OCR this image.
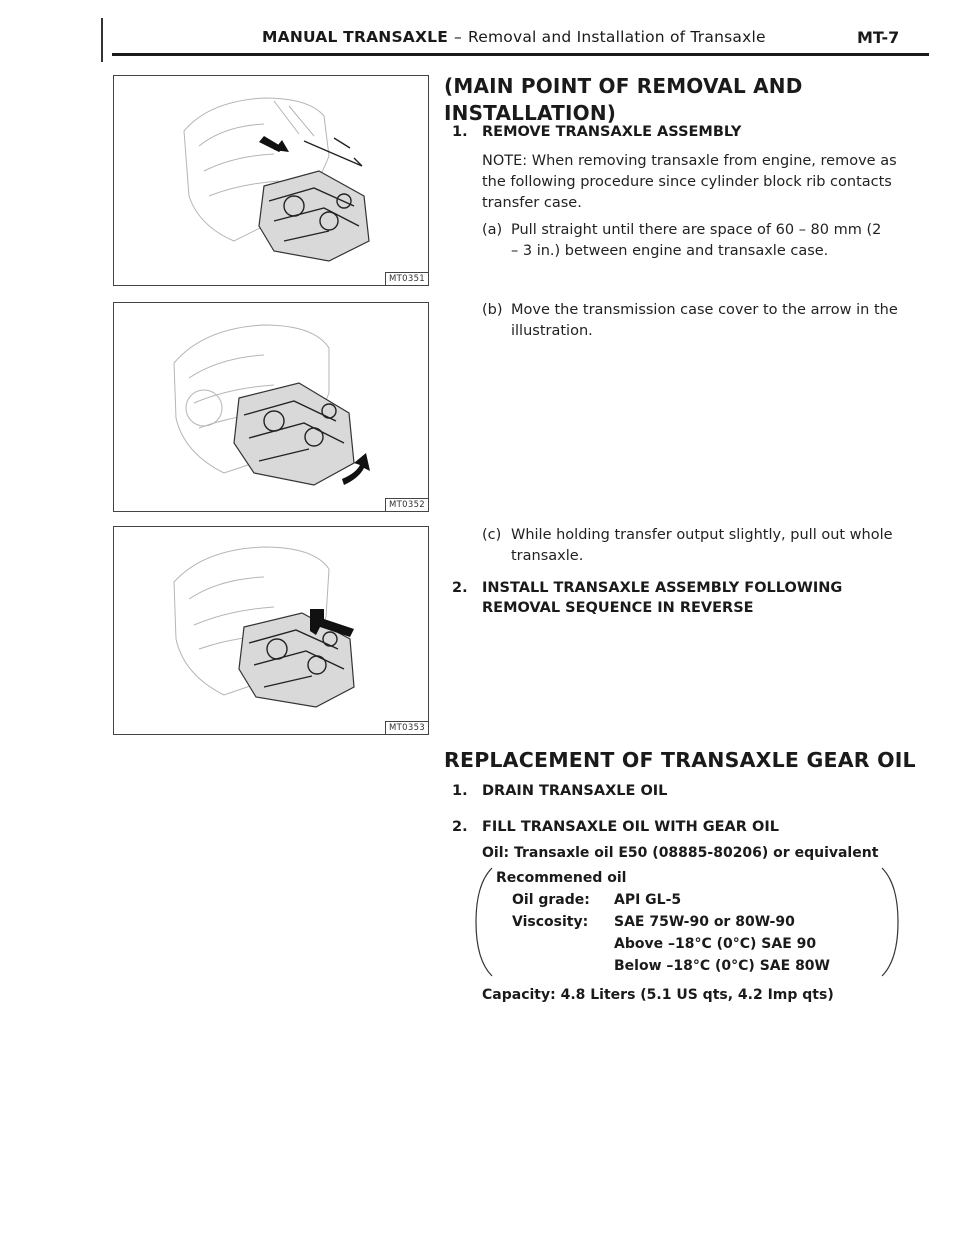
MANUAL TRANSAXLE – Removal and Installation of Transaxle	MT-7
MT0351
MT0352
MT0353
(MAIN POINT OF REMOVAL AND
INSTALLATION)
1. REMOVE TRANSAXLE ASSEMBLY
NOTE: When removing transaxle from engine, remove as
the following procedure since cylinder block rib contacts
transfer case.
(a) Pull straight until there are space of 60 – 80 mm (2
– 3 in.) between engine and transaxle case.
(b) Move the transmission case cover to the arrow in the
illustration.
(c) While holding transfer output slightly, pull out whole
transaxle.
2. INSTALL TRANSAXLE ASSEMBLY FOLLOWING
REMOVAL SEQUENCE IN REVERSE
REPLACEMENT OF TRANSAXLE GEAR OIL
1. DRAIN TRANSAXLE OIL
2. FILL TRANSAXLE OIL WITH GEAR OIL
Oil: Transaxle oil E50 (08885-80206) or equivalent
Recommened oil
Oil grade: API GL-5
Viscosity: SAE 75W-90 or 80W-90
Above –18°C (0°C) SAE 90
Below –18°C (0°C) SAE 80W
Capacity: 4.8 Liters (5.1 US qts, 4.2 Imp qts)
